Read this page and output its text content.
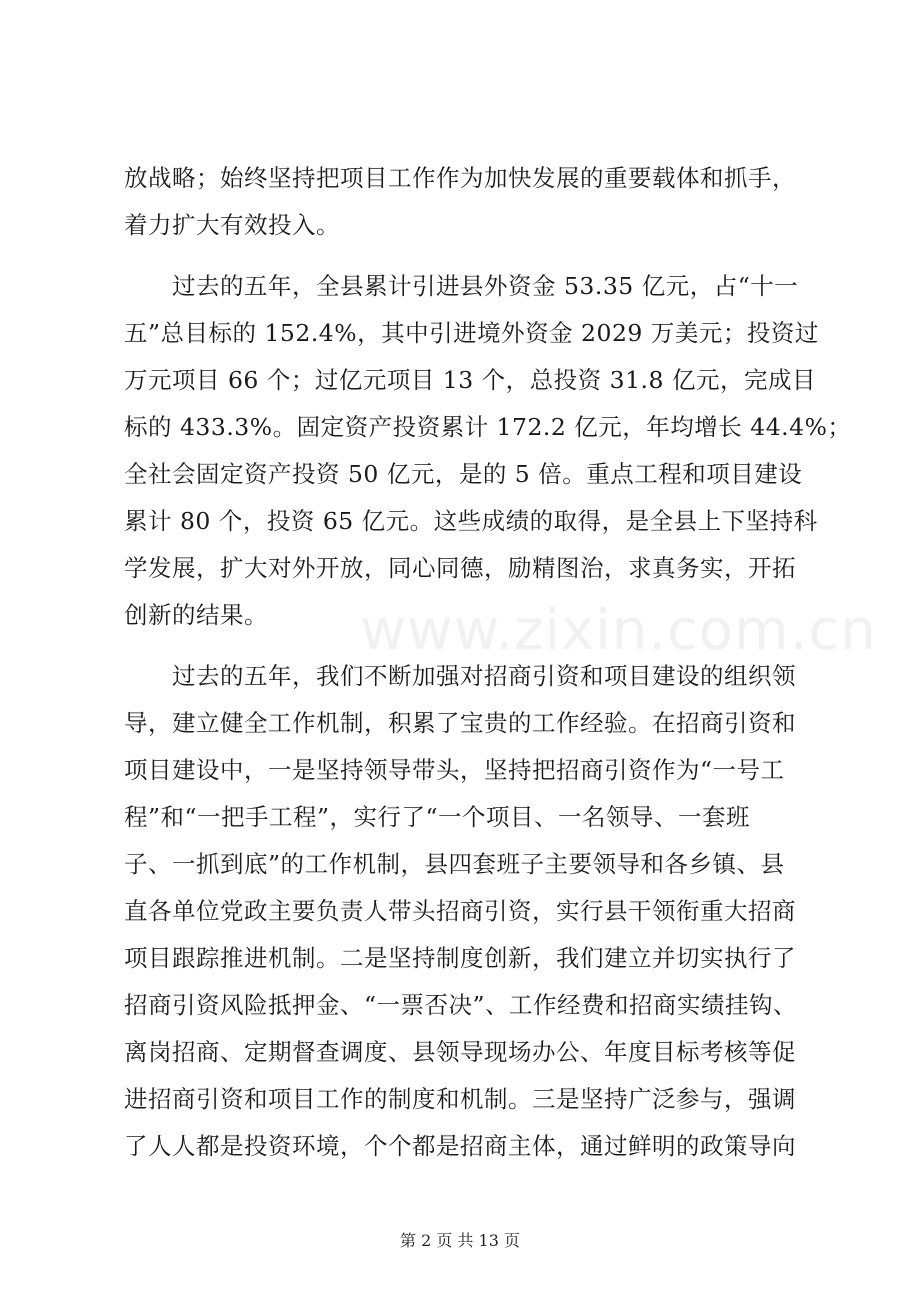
www.zixin.com.cn
放战略；始终坚持把项目工作作为加快发展的重要载体和抓手，
着力扩大有效投入。
过去的五年，全县累计引进县外资金 53.35 亿元，占“十一
五”总目标的 152.4%，其中引进境外资金 2029 万美元；投资过
万元项目 66 个；过亿元项目 13 个，总投资 31.8 亿元，完成目
标的 433.3%。固定资产投资累计 172.2 亿元，年均增长 44.4%；
全社会固定资产投资 50 亿元，是的 5 倍。重点工程和项目建设
累计 80 个，投资 65 亿元。这些成绩的取得，是全县上下坚持科
学发展，扩大对外开放，同心同德，励精图治，求真务实，开拓
创新的结果。
过去的五年，我们不断加强对招商引资和项目建设的组织领
导，建立健全工作机制，积累了宝贵的工作经验。在招商引资和
项目建设中，一是坚持领导带头，坚持把招商引资作为“一号工
程”和“一把手工程”，实行了“一个项目、一名领导、一套班
子、一抓到底”的工作机制，县四套班子主要领导和各乡镇、县
直各单位党政主要负责人带头招商引资，实行县干领衔重大招商
项目跟踪推进机制。二是坚持制度创新，我们建立并切实执行了
招商引资风险抵押金、“一票否决”、工作经费和招商实绩挂钩、
离岗招商、定期督查调度、县领导现场办公、年度目标考核等促
进招商引资和项目工作的制度和机制。三是坚持广泛参与，强调
了人人都是投资环境，个个都是招商主体，通过鲜明的政策导向
第 2 页 共 13 页
